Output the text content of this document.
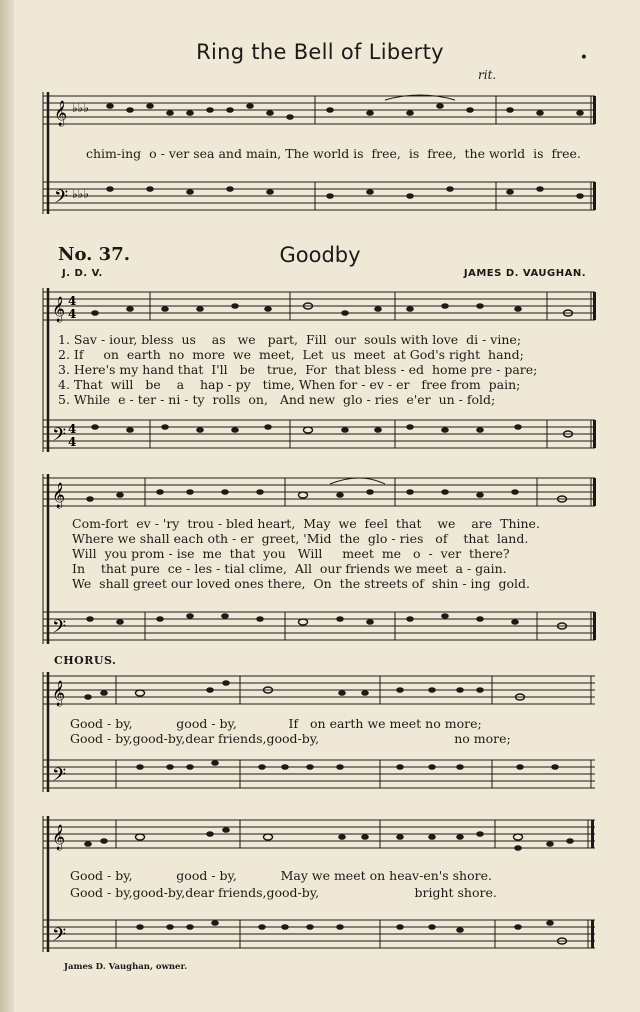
Ring the Bell of Liberty	•
rit.
𝄞
𝄢
♭♭♭
♭♭♭
chim-ing  o - ver sea and main, The world is  free,  is  free,  the world  is  free.
No. 37.	Goodby
J. D. V.	JAMES D. VAUGHAN.
𝄞
𝄢
4
4
4
4
1. Sav - iour, bless  us    as   we   part,  Fill  our  souls with love  di - vine;
2. If     on  earth  no  more  we  meet,  Let  us  meet  at God's right  hand;
3. Here's my hand that  I'll   be   true,  For  that bless - ed  home pre - pare;
4. That  will   be    a    hap - py   time, When for - ev - er   free from  pain;
5. While  e - ter - ni - ty  rolls  on,   And new  glo - ries  e'er  un - fold;
𝄞
𝄢
Com-fort  ev - 'ry  trou - bled heart,  May  we  feel  that    we    are  Thine.
Where we shall each oth - er  greet, 'Mid  the  glo - ries   of    that  land.
Will  you prom - ise  me  that  you   Will     meet  me   o  -  ver  there?
In    that pure  ce - les - tial clime,  All  our friends we meet  a - gain.
We  shall greet our loved ones there,  On  the streets of  shin - ing  gold.
CHORUS.
𝄞
𝄢
Good - by,           good - by,             If   on earth we meet no more;
Good - by,good-by,dear friends,good-by,                                  no more;
𝄞
𝄢
Good - by,           good - by,           May we meet on heav-en's shore.
Good - by,good-by,dear friends,good-by,                        bright shore.
James D. Vaughan, owner.
